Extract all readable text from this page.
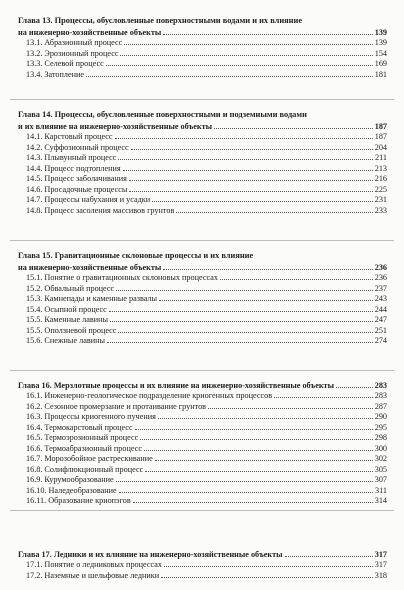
Глава 13. Процессы, обусловленные поверхностными водами и их влияние
на инженерно-хозяйственные объекты	139
13.1. Абразионный процесс	139
13.2. Эрозионный процесс	154
13.3. Селевой процесс	169
13.4. Затопление	181
Глава 14. Процессы, обусловленные поверхностными и подземными водами
и их влияние на инженерно-хозяйственные объекты	187
14.1. Карстовый процесс	187
14.2. Суффозионный процесс	204
14.3. Плывунный процесс	211
14.4. Процесс подтопления	213
14.5. Процесс заболачивания	216
14.6. Просадочные процессы	225
14.7. Процессы набухания и усадки	231
14.8. Процесс засоления массивов грунтов	233
Глава 15. Гравитационные склоновые процессы и их влияние
на инженерно-хозяйственные объекты	236
15.1. Понятие о гравитационных склоновых процессах	236
15.2. Обвальный процесс	237
15.3. Камнепады и каменные развалы	243
15.4. Осыпной процесс	244
15.5. Каменные лавины	247
15.5. Оползневой процесс	251
15.6. Снежные лавины	274
Глава 16. Мерзлотные процессы и их влияние на инженерно-хозяйственные объекты	283
16.1. Инженерно-геологическое подразделение криогенных процессов	283
16.2. Сезонное промерзание и протаивание грунтов	287
16.3. Процессы криогенного пучения	290
16.4. Термокарстовый процесс	295
16.5. Термоэрозионный процесс	298
16.6. Термоабразионный процесс	300
16.7. Морозобойное растрескивание	302
16.8. Солифлюкционный процесс	305
16.9. Курумообразование	307
16.10. Наледеобразование	311
16.11. Образование криопэгов	314
Глава 17. Ледники и их влияние на инженерно-хозяйственные объекты	317
17.1. Понятие о ледниковых процессах	317
17.2. Наземные и шельфовые ледники	318
